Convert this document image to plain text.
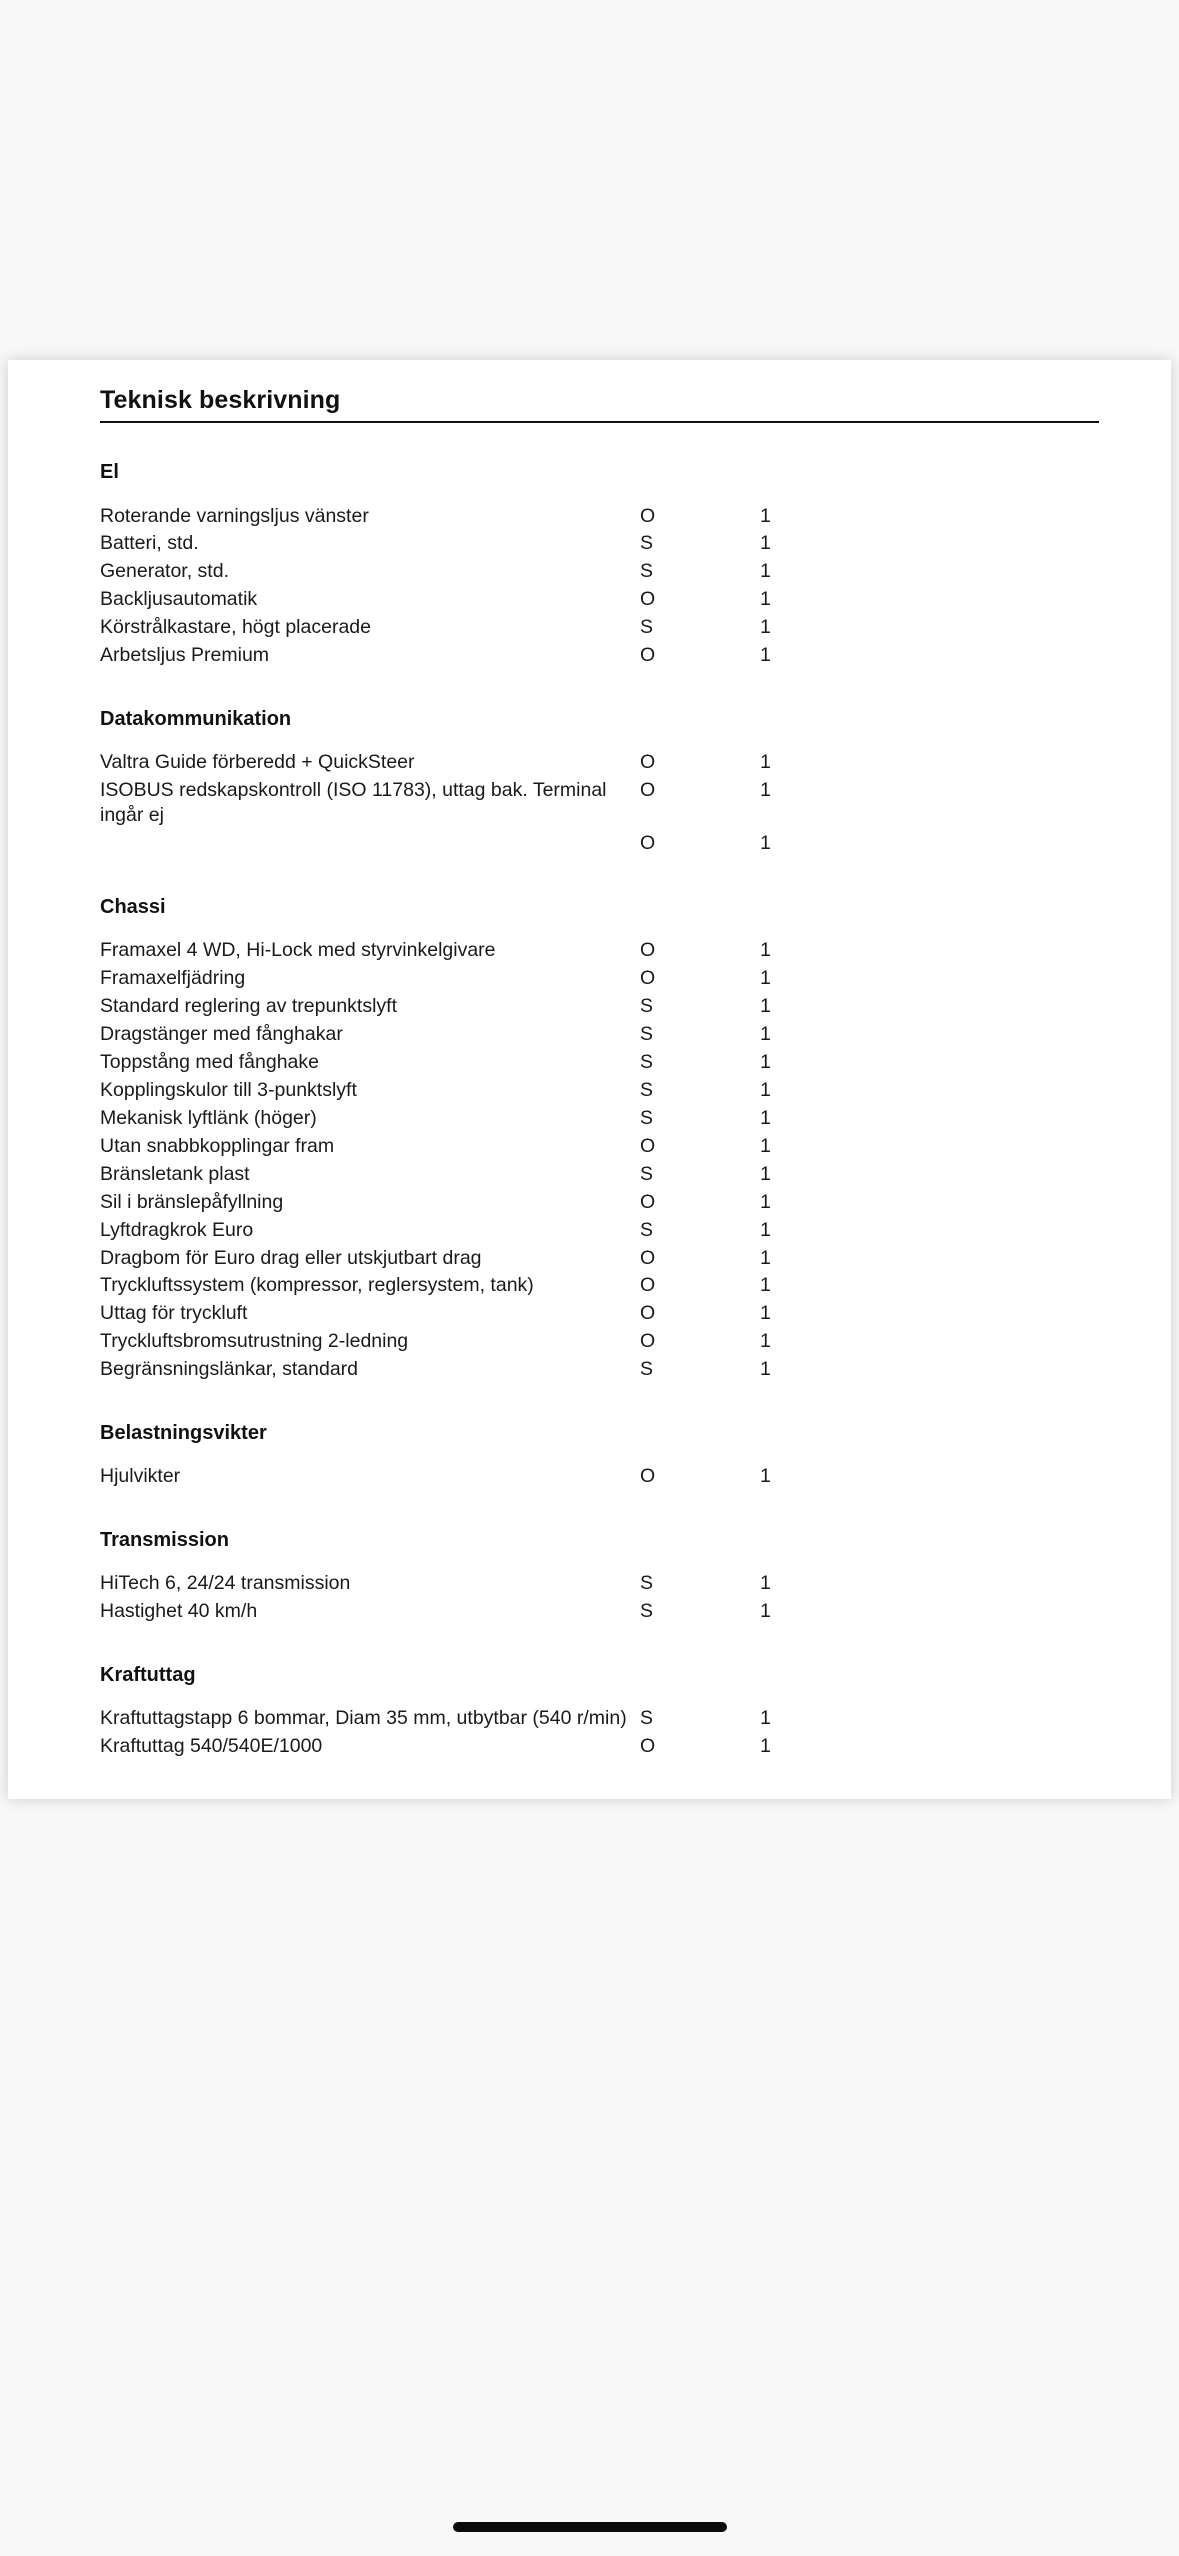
Teknisk beskrivning
El
Roterande varningsljus vänster	O	1
Batteri, std.	S	1
Generator, std.	S	1
Backljusautomatik	O	1
Körstrålkastare, högt placerade	S	1
Arbetsljus Premium	O	1
Datakommunikation
Valtra Guide förberedd + QuickSteer	O	1
ISOBUS redskapskontroll (ISO 11783), uttag bak. Terminal ingår ej	O	1
	O	1
Chassi
Framaxel 4 WD, Hi-Lock med styrvinkelgivare	O	1
Framaxelfjädring	O	1
Standard reglering av trepunktslyft	S	1
Dragstänger med fånghakar	S	1
Toppstång med fånghake	S	1
Kopplingskulor till 3-punktslyft	S	1
Mekanisk lyftlänk (höger)	S	1
Utan snabbkopplingar fram	O	1
Bränsletank plast	S	1
Sil i bränslepåfyllning	O	1
Lyftdragkrok Euro	S	1
Dragbom för Euro drag eller utskjutbart drag	O	1
Tryckluftssystem (kompressor, reglersystem, tank)	O	1
Uttag för tryckluft	O	1
Tryckluftsbromsutrustning 2-ledning	O	1
Begränsningslänkar, standard	S	1
Belastningsvikter
Hjulvikter	O	1
Transmission
HiTech 6, 24/24 transmission	S	1
Hastighet 40 km/h	S	1
Kraftuttag
Kraftuttagstapp 6 bommar, Diam 35 mm, utbytbar (540 r/min)	S	1
Kraftuttag 540/540E/1000	O	1
